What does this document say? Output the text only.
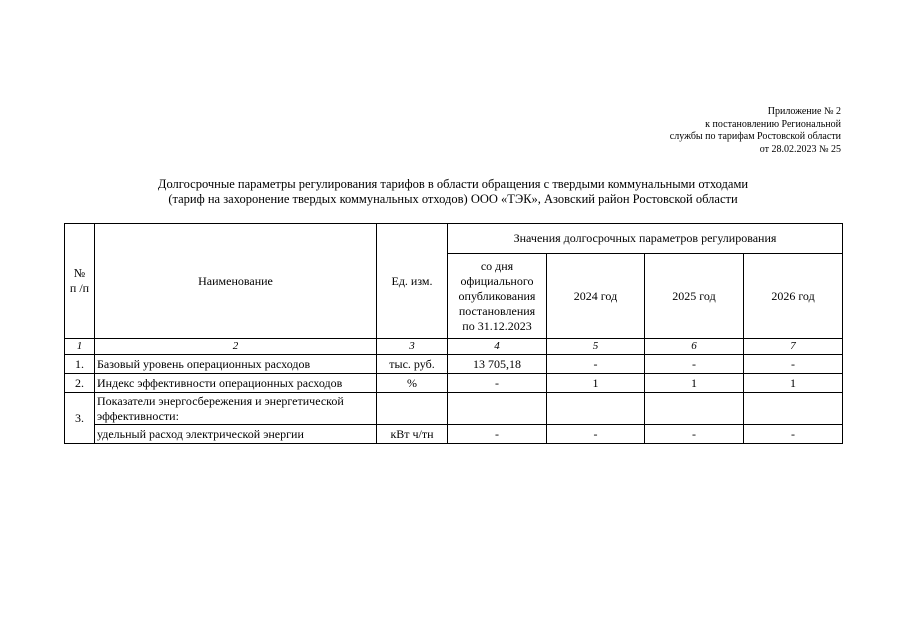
Приложение № 2
к постановлению Региональной
службы по тарифам Ростовской области
от 28.02.2023 № 25
Долгосрочные параметры регулирования тарифов в области обращения с твердыми коммунальными отходами
(тариф на захоронение твердых коммунальных отходов) ООО «ТЭК», Азовский район Ростовской области
№
п /п	Наименование	Ед. изм.	Значения долгосрочных параметров регулирования			
			со дня
официального
опубликования
постановления
по 31.12.2023	2024 год	2025 год	2026 год
1	2	3	4	5	6	7
1.	Базовый уровень операционных расходов	тыс. руб.	13 705,18	-	-	-
2.	Индекс эффективности операционных расходов	%	-	1	1	1
3.	Показатели энергосбережения и энергетической
эффективности:					
	удельный расход электрической энергии	кВт ч/тн	-	-	-	-
